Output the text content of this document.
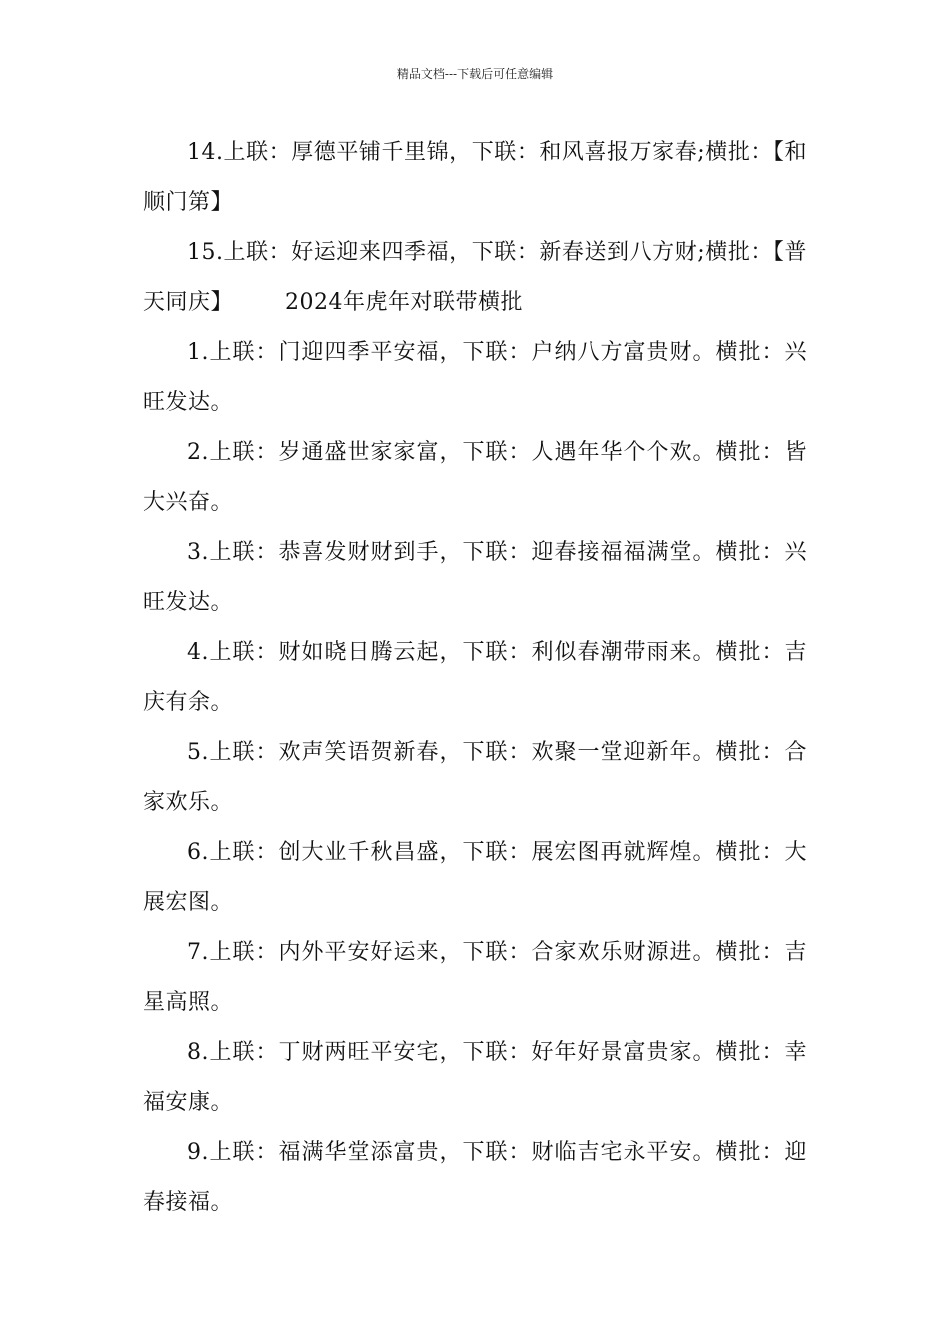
精品文档---下载后可任意编辑

14.上联：厚德平铺千里锦，下联：和风喜报万家春;横批：【和顺门第】

15.上联：好运迎来四季福，下联：新春送到八方财;横批：【普天同庆】 2024年虎年对联带横批

1.上联：门迎四季平安福，下联：户纳八方富贵财。横批：兴旺发达。

2.上联：岁通盛世家家富，下联：人遇年华个个欢。横批：皆大兴奋。

3.上联：恭喜发财财到手，下联：迎春接福福满堂。横批：兴旺发达。

4.上联：财如晓日腾云起，下联：利似春潮带雨来。横批：吉庆有余。

5.上联：欢声笑语贺新春，下联：欢聚一堂迎新年。横批：合家欢乐。

6.上联：创大业千秋昌盛，下联：展宏图再就辉煌。横批：大展宏图。

7.上联：内外平安好运来，下联：合家欢乐财源进。横批：吉星高照。

8.上联：丁财两旺平安宅，下联：好年好景富贵家。横批：幸福安康。

9.上联：福满华堂添富贵，下联：财临吉宅永平安。横批：迎春接福。
